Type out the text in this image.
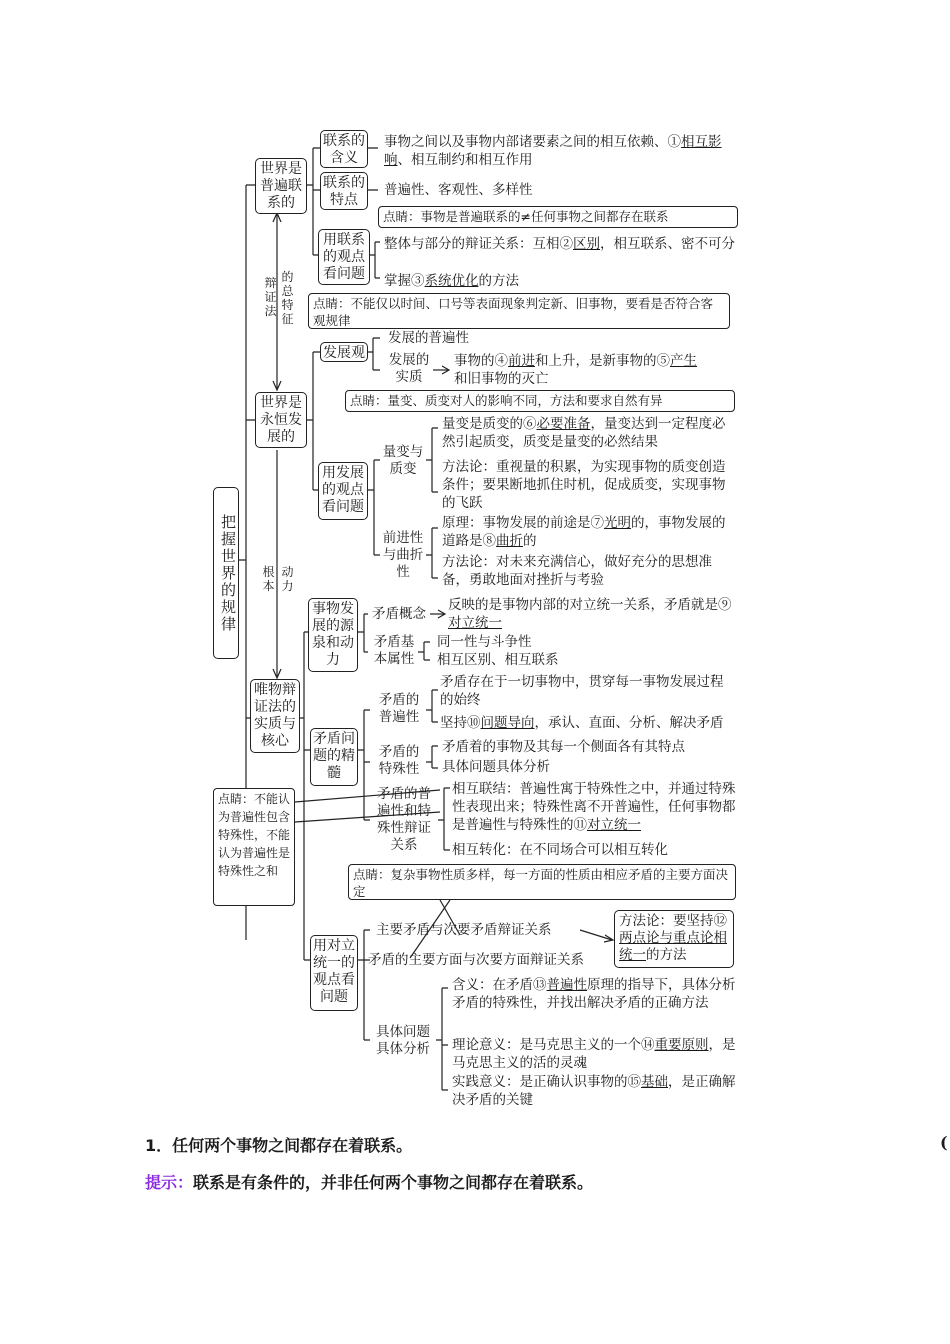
把握世界的规律
世界是普遍联系的
世界是永恒发展的
唯物辩证法的实质与核心
辩证法
的总特征
根本
动力
联系的含义
事物之间以及事物内部诸要素之间的相互依赖、①相互影响、相互制约和相互作用
联系的特点
普遍性、客观性、多样性
点睛：事物是普遍联系的≠任何事物之间都存在联系
用联系的观点看问题
整体与部分的辩证关系：互相②区别，相互联系、密不可分
掌握③系统优化的方法
点睛：不能仅以时间、口号等表面现象判定新、旧事物，要看是否符合客观规律
发展观
发展的普遍性
发展的实质
事物的④前进和上升，是新事物的⑤产生
和旧事物的灭亡
点睛：量变、质变对人的影响不同，方法和要求自然有异
用发展的观点看问题
量变与质变
量变是质变的⑥必要准备，量变达到一定程度必然引起质变，质变是量变的必然结果
方法论：重视量的积累，为实现事物的质变创造条件；要果断地抓住时机，促成质变，实现事物的飞跃
前进性与曲折性
原理：事物发展的前途是⑦光明的，事物发展的道路是⑧曲折的
方法论：对未来充满信心，做好充分的思想准备，勇敢地面对挫折与考验
事物发展的源泉和动力
矛盾概念
反映的是事物内部的对立统一关系，矛盾就是⑨对立统一
矛盾基本属性
同一性与斗争性
相互区别、相互联系
矛盾问题的精髓
矛盾的普遍性
矛盾存在于一切事物中，贯穿每一事物发展过程的始终
坚持⑩问题导向，承认、直面、分析、解决矛盾
矛盾的特殊性
矛盾着的事物及其每一个侧面各有其特点
具体问题具体分析
矛盾的普遍性和特殊性辩证关系
相互联结：普遍性寓于特殊性之中，并通过特殊性表现出来；特殊性离不开普遍性，任何事物都是普遍性与特殊性的⑪对立统一
相互转化：在不同场合可以相互转化
点睛：不能认为普遍性包含特殊性，不能认为普遍性是特殊性之和	点睛：复杂事物性质多样，每一方面的性质由相应矛盾的主要方面决定
用对立统一的观点看问题
主要矛盾与次要矛盾辩证关系
矛盾的主要方面与次要方面辩证关系
方法论：要坚持⑫两点论与重点论相统一的方法
具体问题具体分析
含义：在矛盾⑬普遍性原理的指导下，具体分析矛盾的特殊性，并找出解决矛盾的正确方法
理论意义：是马克思主义的一个⑭重要原则，是马克思主义的活的灵魂
实践意义：是正确认识事物的⑮基础，是正确解决矛盾的关键
1．任何两个事物之间都存在着联系。	(
提示：联系是有条件的，并非任何两个事物之间都存在着联系。
